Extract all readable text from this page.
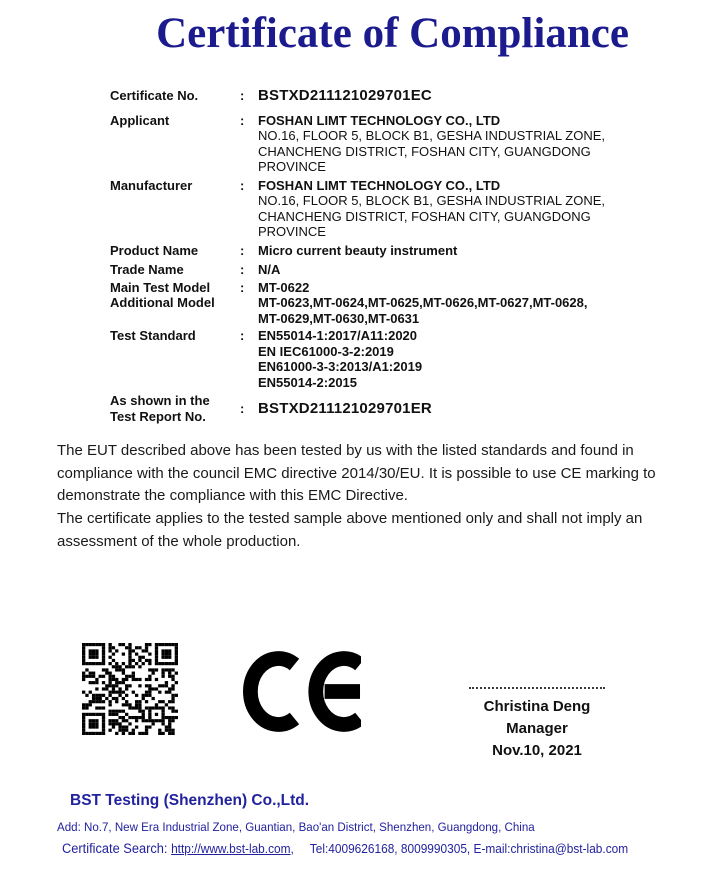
Certificate of Compliance
Certificate No.	: BSTXD211121029701EC
Applicant	:	FOSHAN LIMT TECHNOLOGY CO., LTD
NO.16, FLOOR 5, BLOCK B1, GESHA INDUSTRIAL ZONE,
CHANCHENG DISTRICT, FOSHAN CITY, GUANGDONG
PROVINCE
Manufacturer	:	FOSHAN LIMT TECHNOLOGY CO., LTD
NO.16, FLOOR 5, BLOCK B1, GESHA INDUSTRIAL ZONE,
CHANCHENG DISTRICT, FOSHAN CITY, GUANGDONG
PROVINCE
Product Name	:	Micro current beauty instrument
Trade Name	:	N/A
Main Test Model	:	MT-0622
Additional Model	MT-0623,MT-0624,MT-0625,MT-0626,MT-0627,MT-0628,
MT-0629,MT-0630,MT-0631
Test Standard	:	EN55014-1:2017/A11:2020
EN IEC61000-3-2:2019
EN61000-3-3:2013/A1:2019
EN55014-2:2015
As shown in the
Test Report No.
: BSTXD211121029701ER

The EUT described above has been tested by us with the listed standards and found in compliance with the council EMC directive 2014/30/EU. It is possible to use CE marking to demonstrate the compliance with this EMC Directive.

The certificate applies to the tested sample above mentioned only and shall not imply an assessment of the whole production.

Christina Deng
Manager
Nov.10, 2021
BST Testing (Shenzhen) Co.,Ltd.
Add: No.7, New Era Industrial Zone, Guantian, Bao'an District, Shenzhen, Guangdong, China
Certificate Search: http://www.bst-lab.com, Tel:4009626168, 8009990305, E-mail:christina@bst-lab.com
